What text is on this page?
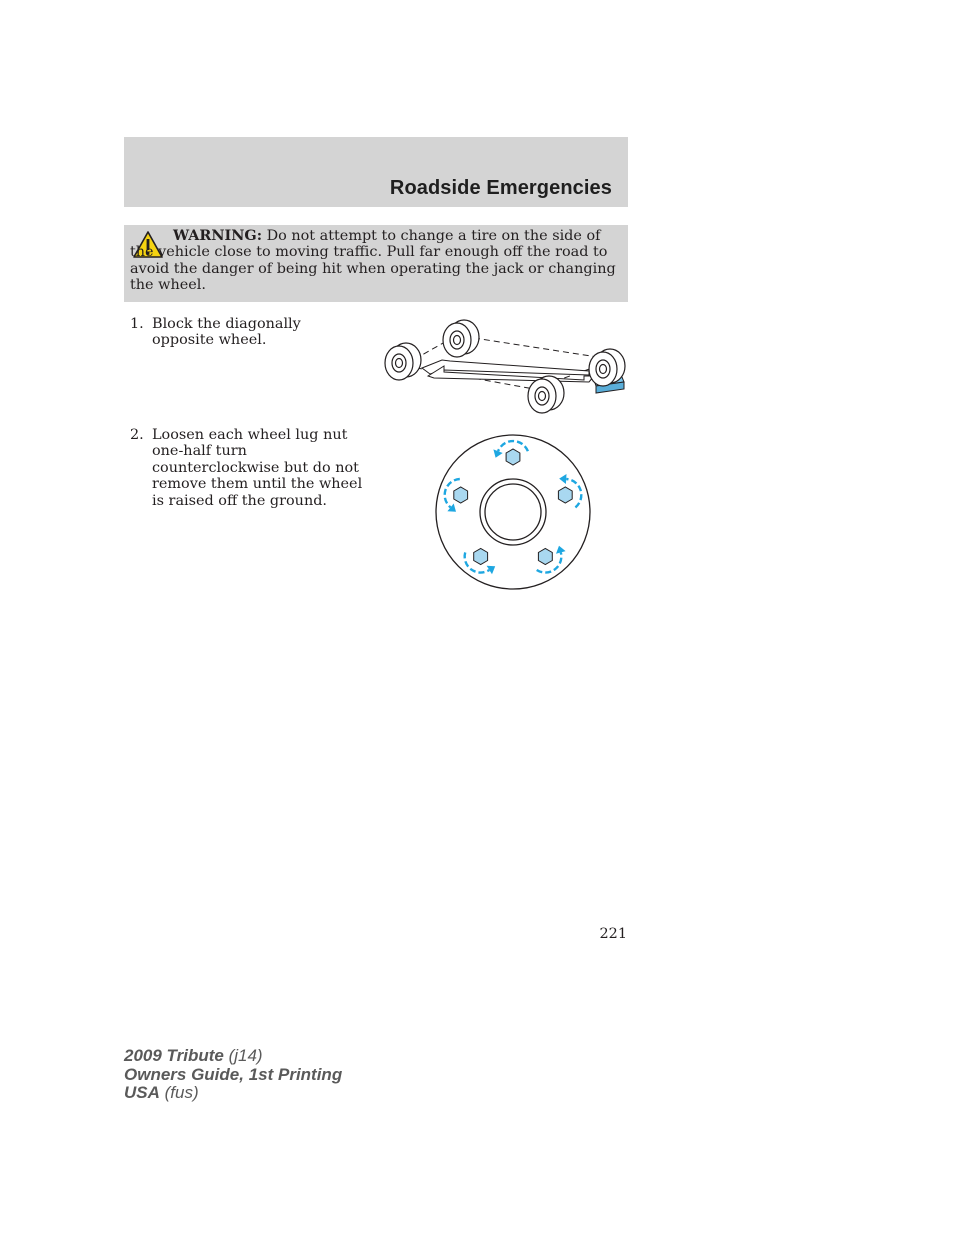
Roadside Emergencies

WARNING: Do not attempt to change a tire on the side of the vehicle close to moving traffic. Pull far enough off the road to avoid the danger of being hit when operating the jack or changing the wheel.

1. Block the diagonally opposite wheel.

2. Loosen each wheel lug nut one-half turn counterclockwise but do not remove them until the wheel is raised off the ground.

221
2009 Tribute (j14)
Owners Guide, 1st Printing
USA (fus)
